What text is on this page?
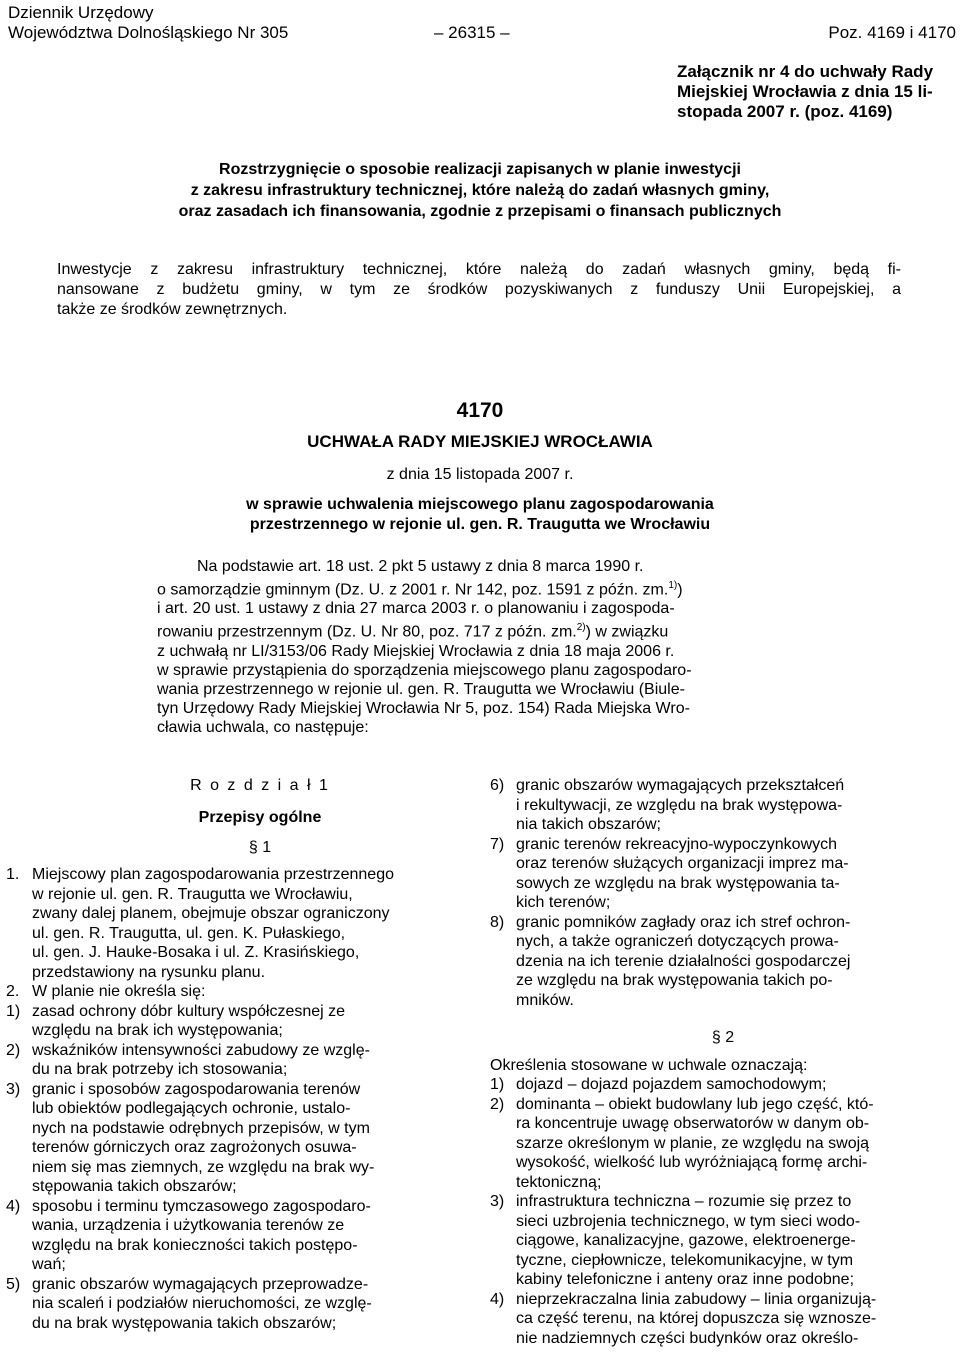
Dziennik Urzędowy
Województwa Dolnośląskiego Nr 305	– 26315 –	Poz. 4169 i 4170
Załącznik nr 4 do uchwały Rady
Miejskiej Wrocławia z dnia 15 li-
stopada 2007 r. (poz. 4169)
Rozstrzygnięcie o sposobie realizacji zapisanych w planie inwestycji
z zakresu infrastruktury technicznej, które należą do zadań własnych gminy,
oraz zasadach ich finansowania, zgodnie z przepisami o finansach publicznych
Inwestycje z zakresu infrastruktury technicznej, które należą do zadań własnych gminy, będą fi-
nansowane z budżetu gminy, w tym ze środków pozyskiwanych z funduszy Unii Europejskiej, a
także ze środków zewnętrznych.
4170
UCHWAŁA RADY MIEJSKIEJ WROCŁAWIA
z dnia 15 listopada 2007 r.
w sprawie uchwalenia miejscowego planu zagospodarowania
przestrzennego w rejonie ul. gen. R. Traugutta we Wrocławiu
Na podstawie art. 18 ust. 2 pkt 5 ustawy z dnia 8 marca 1990 r.
o samorządzie gminnym (Dz. U. z 2001 r. Nr 142, poz. 1591 z późn. zm.$^{1)}$)
i art. 20 ust. 1 ustawy z dnia 27 marca 2003 r. o planowaniu i zagospoda-
rowaniu przestrzennym (Dz. U. Nr 80, poz. 717 z późn. zm.$^{2)}$) w związku
z uchwałą nr LI/3153/06 Rady Miejskiej Wrocławia z dnia 18 maja 2006 r.
w sprawie przystąpienia do sporządzenia miejscowego planu zagospodaro-
wania przestrzennego w rejonie ul. gen. R. Traugutta we Wrocławiu (Biule-
tyn Urzędowy Rady Miejskiej Wrocławia Nr 5, poz. 154) Rada Miejska Wro-
cławia uchwala, co następuje:
R o z d z i a ł 1
Przepisy ogólne
§ 1
1. Miejscowy plan zagospodarowania przestrzennego
w rejonie ul. gen. R. Traugutta we Wrocławiu,
zwany dalej planem, obejmuje obszar ograniczony
ul. gen. R. Traugutta, ul. gen. K. Pułaskiego,
ul. gen. J. Hauke-Bosaka i ul. Z. Krasińskiego,
przedstawiony na rysunku planu.
2. W planie nie określa się:
1) zasad ochrony dóbr kultury współczesnej ze
względu na brak ich występowania;
2) wskaźników intensywności zabudowy ze wzglę-
du na brak potrzeby ich stosowania;
3) granic i sposobów zagospodarowania terenów
lub obiektów podlegających ochronie, ustalo-
nych na podstawie odrębnych przepisów, w tym
terenów górniczych oraz zagrożonych osuwa-
niem się mas ziemnych, ze względu na brak wy-
stępowania takich obszarów;
4) sposobu i terminu tymczasowego zagospodaro-
wania, urządzenia i użytkowania terenów ze
względu na brak konieczności takich postępo-
wań;
5) granic obszarów wymagających przeprowadze-
nia scaleń i podziałów nieruchomości, ze wzglę-
du na brak występowania takich obszarów;
6) granic obszarów wymagających przekształceń
i rekultywacji, ze względu na brak występowa-
nia takich obszarów;
7) granic terenów rekreacyjno-wypoczynkowych
oraz terenów służących organizacji imprez ma-
sowych ze względu na brak występowania ta-
kich terenów;
8) granic pomników zagłady oraz ich stref ochron-
nych, a także ograniczeń dotyczących prowa-
dzenia na ich terenie działalności gospodarczej
ze względu na brak występowania takich po-
mników.
§ 2
Określenia stosowane w uchwale oznaczają:
1) dojazd – dojazd pojazdem samochodowym;
2) dominanta – obiekt budowlany lub jego część, któ-
ra koncentruje uwagę obserwatorów w danym ob-
szarze określonym w planie, ze względu na swoją
wysokość, wielkość lub wyróżniającą formę archi-
tektoniczną;
3) infrastruktura techniczna – rozumie się przez to
sieci uzbrojenia technicznego, w tym sieci wodo-
ciągowe, kanalizacyjne, gazowe, elektroenerge-
tyczne, ciepłownicze, telekomunikacyjne, w tym
kabiny telefoniczne i anteny oraz inne podobne;
4) nieprzekraczalna linia zabudowy – linia organizują-
ca część terenu, na której dopuszcza się wznosze-
nie nadziemnych części budynków oraz określo-
